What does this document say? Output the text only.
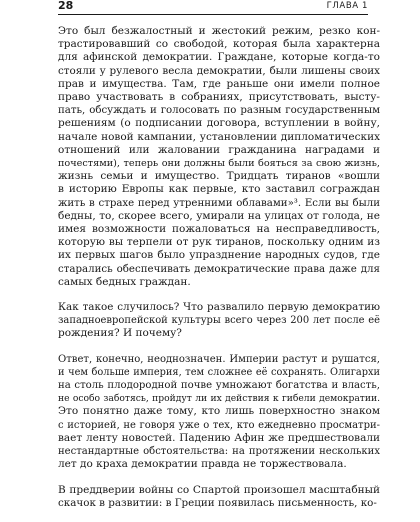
28	ГЛАВА 1

Это был безжалостный и жестокий режим, резко кон-
трастировавший со свободой, которая была характерна
для афинской демократии. Граждане, которые когда-то
стояли у рулевого весла демократии, были лишены своих
прав и имущества. Там, где раньше они имели полное
право участвовать в собраниях, присутствовать, высту-
пать, обсуждать и голосовать по разным государственным
решениям (о подписании договора, вступлении в войну,
начале новой кампании, установлении дипломатических
отношений или жаловании гражданина наградами и
почестями), теперь они должны были бояться за свою жизнь,
жизнь семьи и имущество. Тридцать тиранов «вошли
в историю Европы как первые, кто заставил сограждан
жить в страхе перед утренними облавами»³. Если вы были
бедны, то, скорее всего, умирали на улицах от голода, не
имея возможности пожаловаться на несправедливость,
которую вы терпели от рук тиранов, поскольку одним из
их первых шагов было упразднение народных судов, где
старались обеспечивать демократические права даже для
самых бедных граждан.

Как такое случилось? Что развалило первую демократию
западноевропейской культуры всего через 200 лет после её
рождения? И почему?

Ответ, конечно, неоднозначен. Империи растут и рушатся,
и чем больше империя, тем сложнее её сохранять. Олигархи
на столь плодородной почве умножают богатства и власть,
не особо заботясь, пройдут ли их действия к гибели демократии.
Это понятно даже тому, кто лишь поверхностно знаком
с историей, не говоря уже о тех, кто ежедневно просматри-
вает ленту новостей. Падению Афин же предшествовали
нестандартные обстоятельства: на протяжении нескольких
лет до краха демократии правда не торжествовала.

В преддверии войны со Спартой произошел масштабный
скачок в развитии: в Греции появилась письменность, ко-
